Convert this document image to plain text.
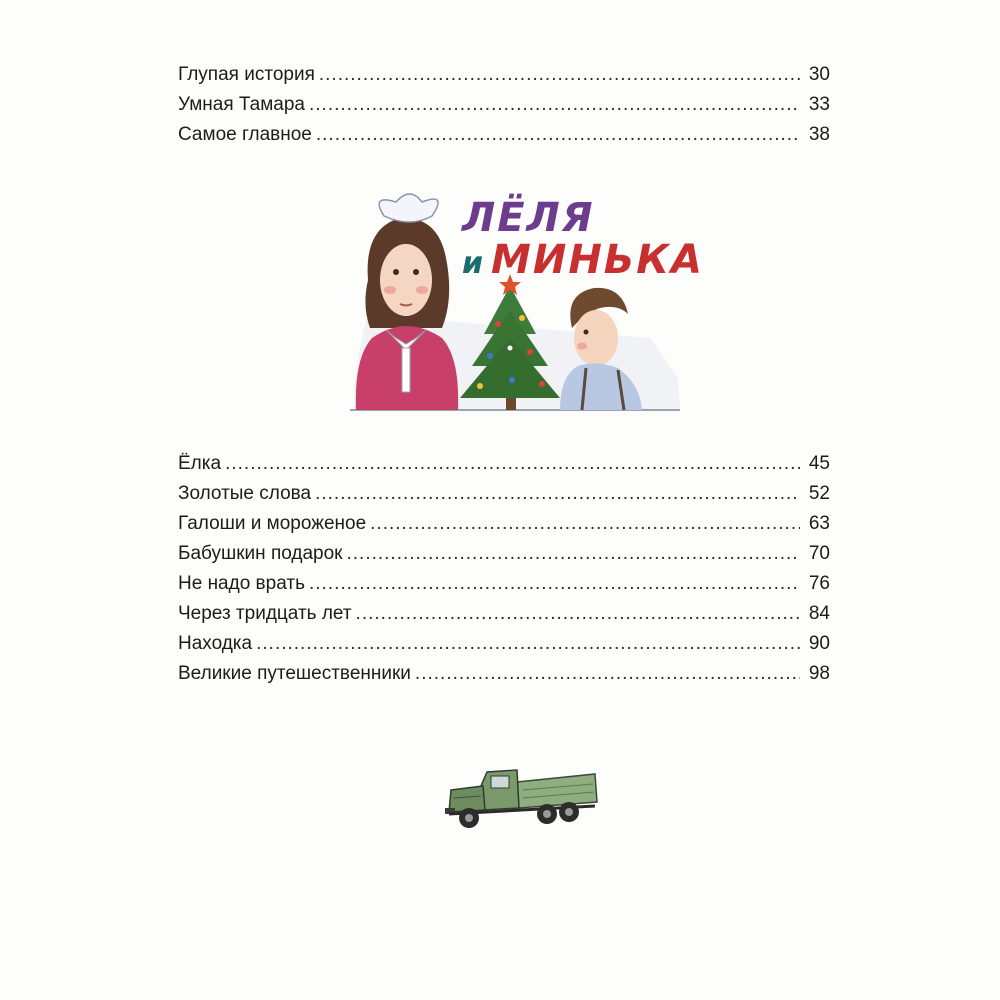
Глупая история .....	30
Умная Тамара .....	33
Самое главное .....	38
ЛЁЛЯ
и МИНЬКА
Ёлка .....	45
Золотые слова .....	52
Галоши и мороженое .....	63
Бабушкин подарок .....	70
Не надо врать .....	76
Через тридцать лет .....	84
Находка .....	90
Великие путешественники .....	98
